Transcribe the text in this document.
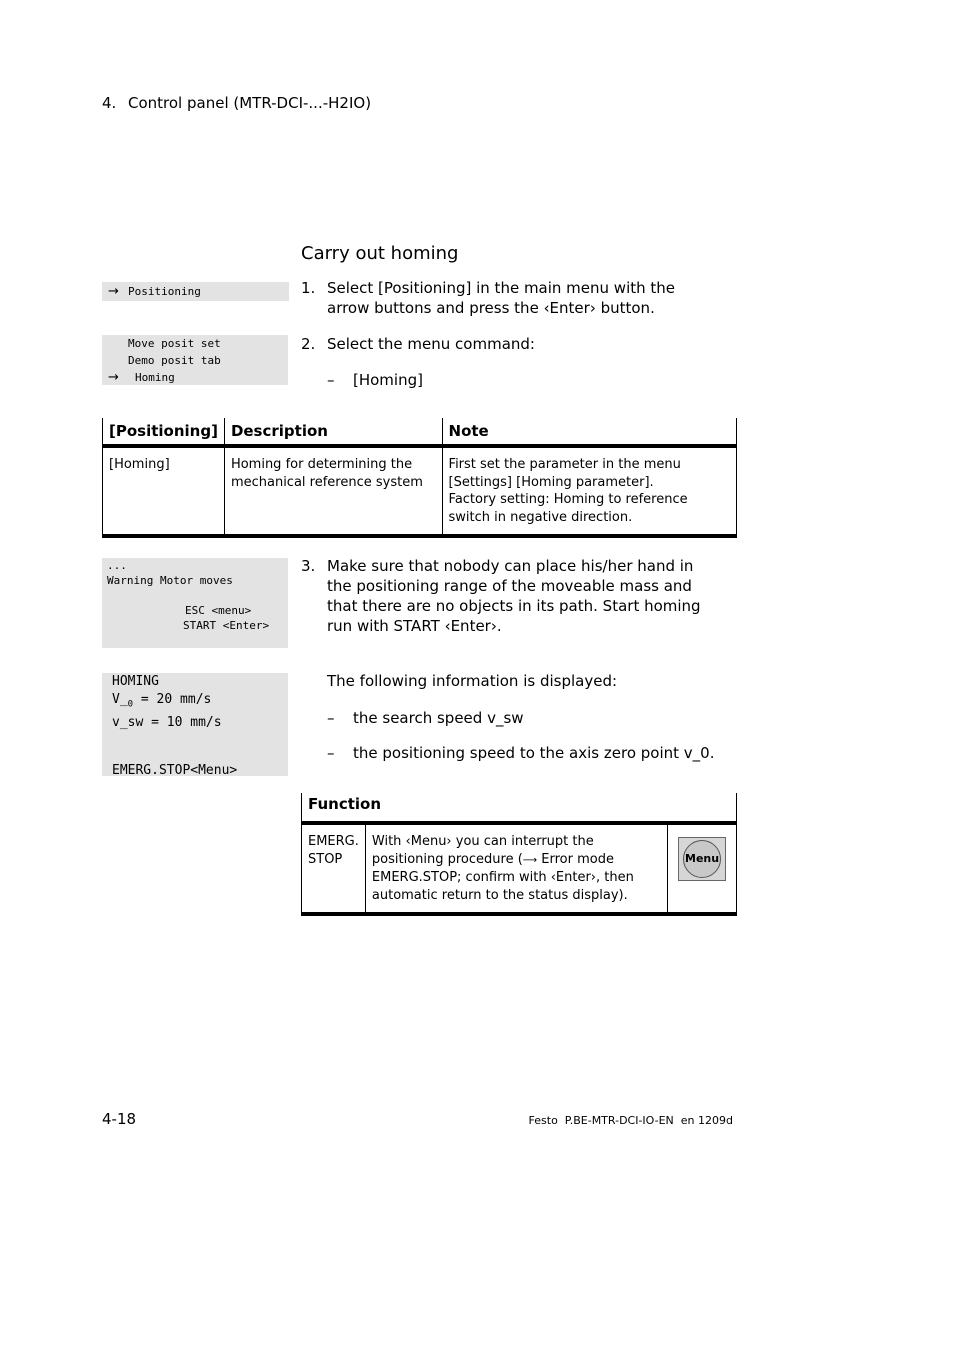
4. Control panel (MTR-DCI-...-H2IO)
Carry out homing
→ Positioning	1. Select [Positioning] in the main menu with the arrow buttons and press the ‹Enter› button.
Move posit set
Demo posit tab
→ Homing
2. Select the menu command:
– [Homing]
[Positioning]	Description	Note
[Homing]	Homing for determining the mechanical reference system	First set the parameter in the menu [Settings] [Homing parameter].
Factory setting: Homing to reference switch in negative direction.
...
Warning Motor moves
ESC <menu>
START <Enter>
3. Make sure that nobody can place his/her hand in the positioning range of the moveable mass and that there are no objects in its path. Start homing run with START ‹Enter›.
HOMING
$V\__0 = 20$ mm/s
v_sw = 10 mm/s
EMERG.STOP<Menu>
The following information is displayed:
– the search speed v_sw
– the positioning speed to the axis zero point v_0.
Function
EMERG. STOP	With ‹Menu› you can interrupt the positioning procedure (⟶ Error mode EMERG.STOP; confirm with ‹Enter›, then automatic return to the status display).	
Menu
4-18	Festo  P.BE-MTR-DCI-IO-EN  en 1209d
